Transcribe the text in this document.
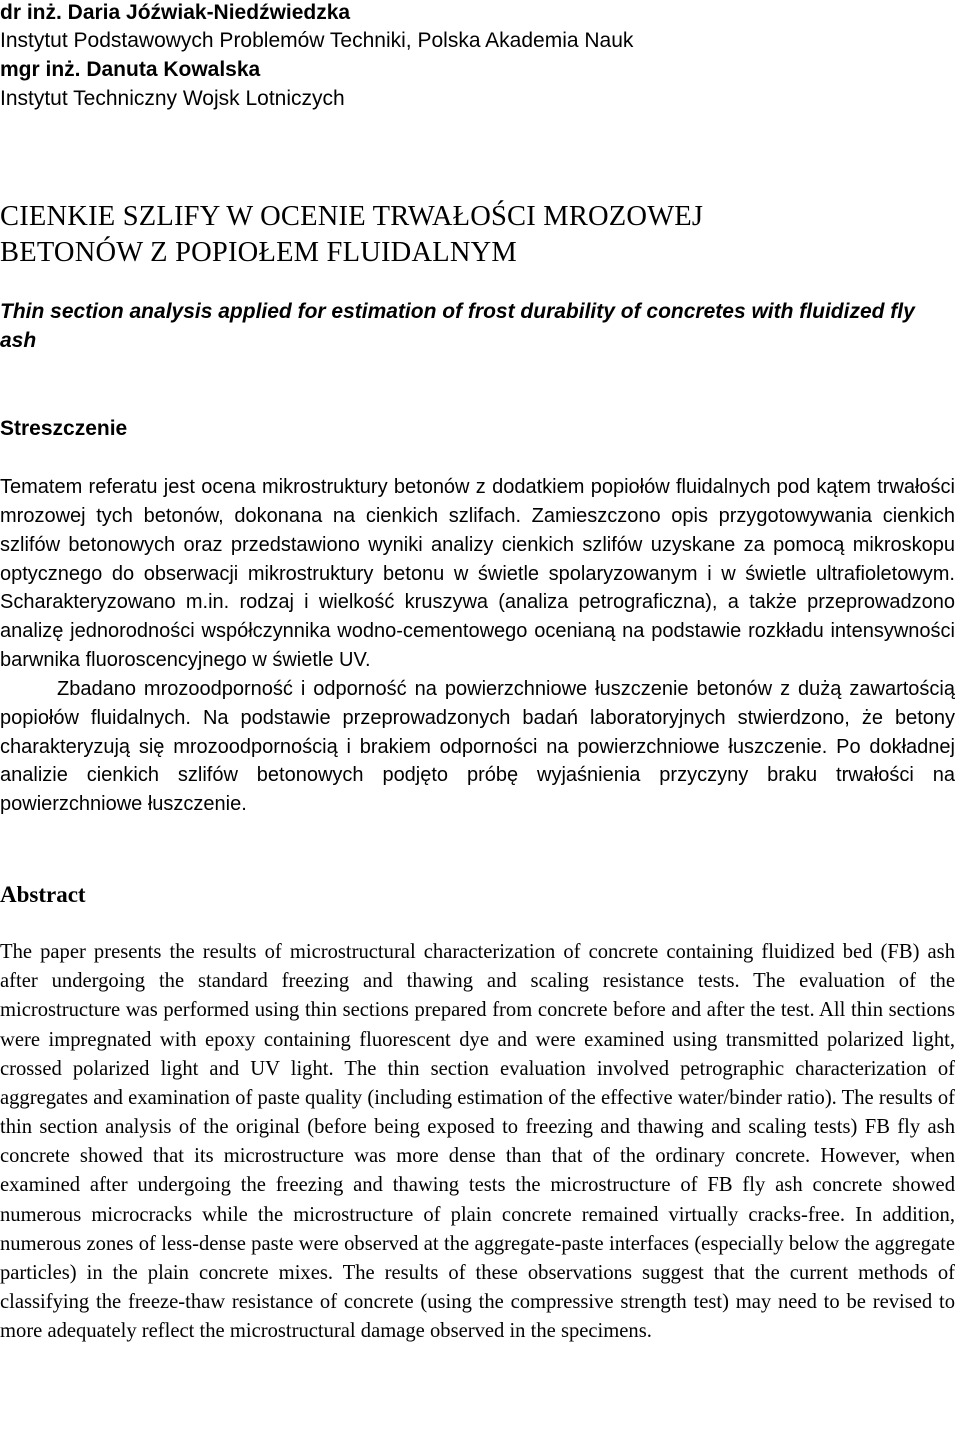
dr inż. Daria Jóźwiak-Niedźwiedzka

Instytut Podstawowych Problemów Techniki, Polska Akademia Nauk

mgr inż. Danuta Kowalska

Instytut Techniczny Wojsk Lotniczych

CIENKIE SZLIFY W OCENIE TRWAŁOŚCI MROZOWEJ

BETONÓW Z POPIOŁEM FLUIDALNYM

Thin section analysis applied for estimation of frost durability of concretes with fluidized fly ash

Streszczenie

Tematem referatu jest ocena mikrostruktury betonów z dodatkiem popiołów fluidalnych pod kątem trwałości mrozowej tych betonów, dokonana na cienkich szlifach. Zamieszczono opis przygotowywania cienkich szlifów betonowych oraz przedstawiono wyniki analizy cienkich szlifów uzyskane za pomocą mikroskopu optycznego do obserwacji mikrostruktury betonu w świetle spolaryzowanym i w świetle ultrafioletowym. Scharakteryzowano m.in. rodzaj i wielkość kruszywa (analiza petrograficzna), a także przeprowadzono analizę jednorodności współczynnika wodno-cementowego ocenianą na podstawie rozkładu intensywności barwnika fluoroscencyjnego w świetle UV.
Zbadano mrozoodporność i odporność na powierzchniowe łuszczenie betonów z dużą zawartością popiołów fluidalnych. Na podstawie przeprowadzonych badań laboratoryjnych stwierdzono, że betony charakteryzują się mrozoodpornością i brakiem odporności na powierzchniowe łuszczenie. Po dokładnej analizie cienkich szlifów betonowych podjęto próbę wyjaśnienia przyczyny braku trwałości na powierzchniowe łuszczenie.

Abstract

The paper presents the results of microstructural characterization of concrete containing fluidized bed (FB) ash after undergoing the standard freezing and thawing and scaling resistance tests. The evaluation of the microstructure was performed using thin sections prepared from concrete before and after the test. All thin sections were impregnated with epoxy containing fluorescent dye and were examined using transmitted polarized light, crossed polarized light and UV light. The thin section evaluation involved petrographic characterization of aggregates and examination of paste quality (including estimation of the effective water/binder ratio). The results of thin section analysis of the original (before being exposed to freezing and thawing and scaling tests) FB fly ash concrete showed that its microstructure was more dense than that of the ordinary concrete. However, when examined after undergoing the freezing and thawing tests the microstructure of FB fly ash concrete showed numerous microcracks while the microstructure of plain concrete remained virtually cracks-free. In addition, numerous zones of less-dense paste were observed at the aggregate-paste interfaces (especially below the aggregate particles) in the plain concrete mixes. The results of these observations suggest that the current methods of classifying the freeze-thaw resistance of concrete (using the compressive strength test) may need to be revised to more adequately reflect the microstructural damage observed in the specimens.
